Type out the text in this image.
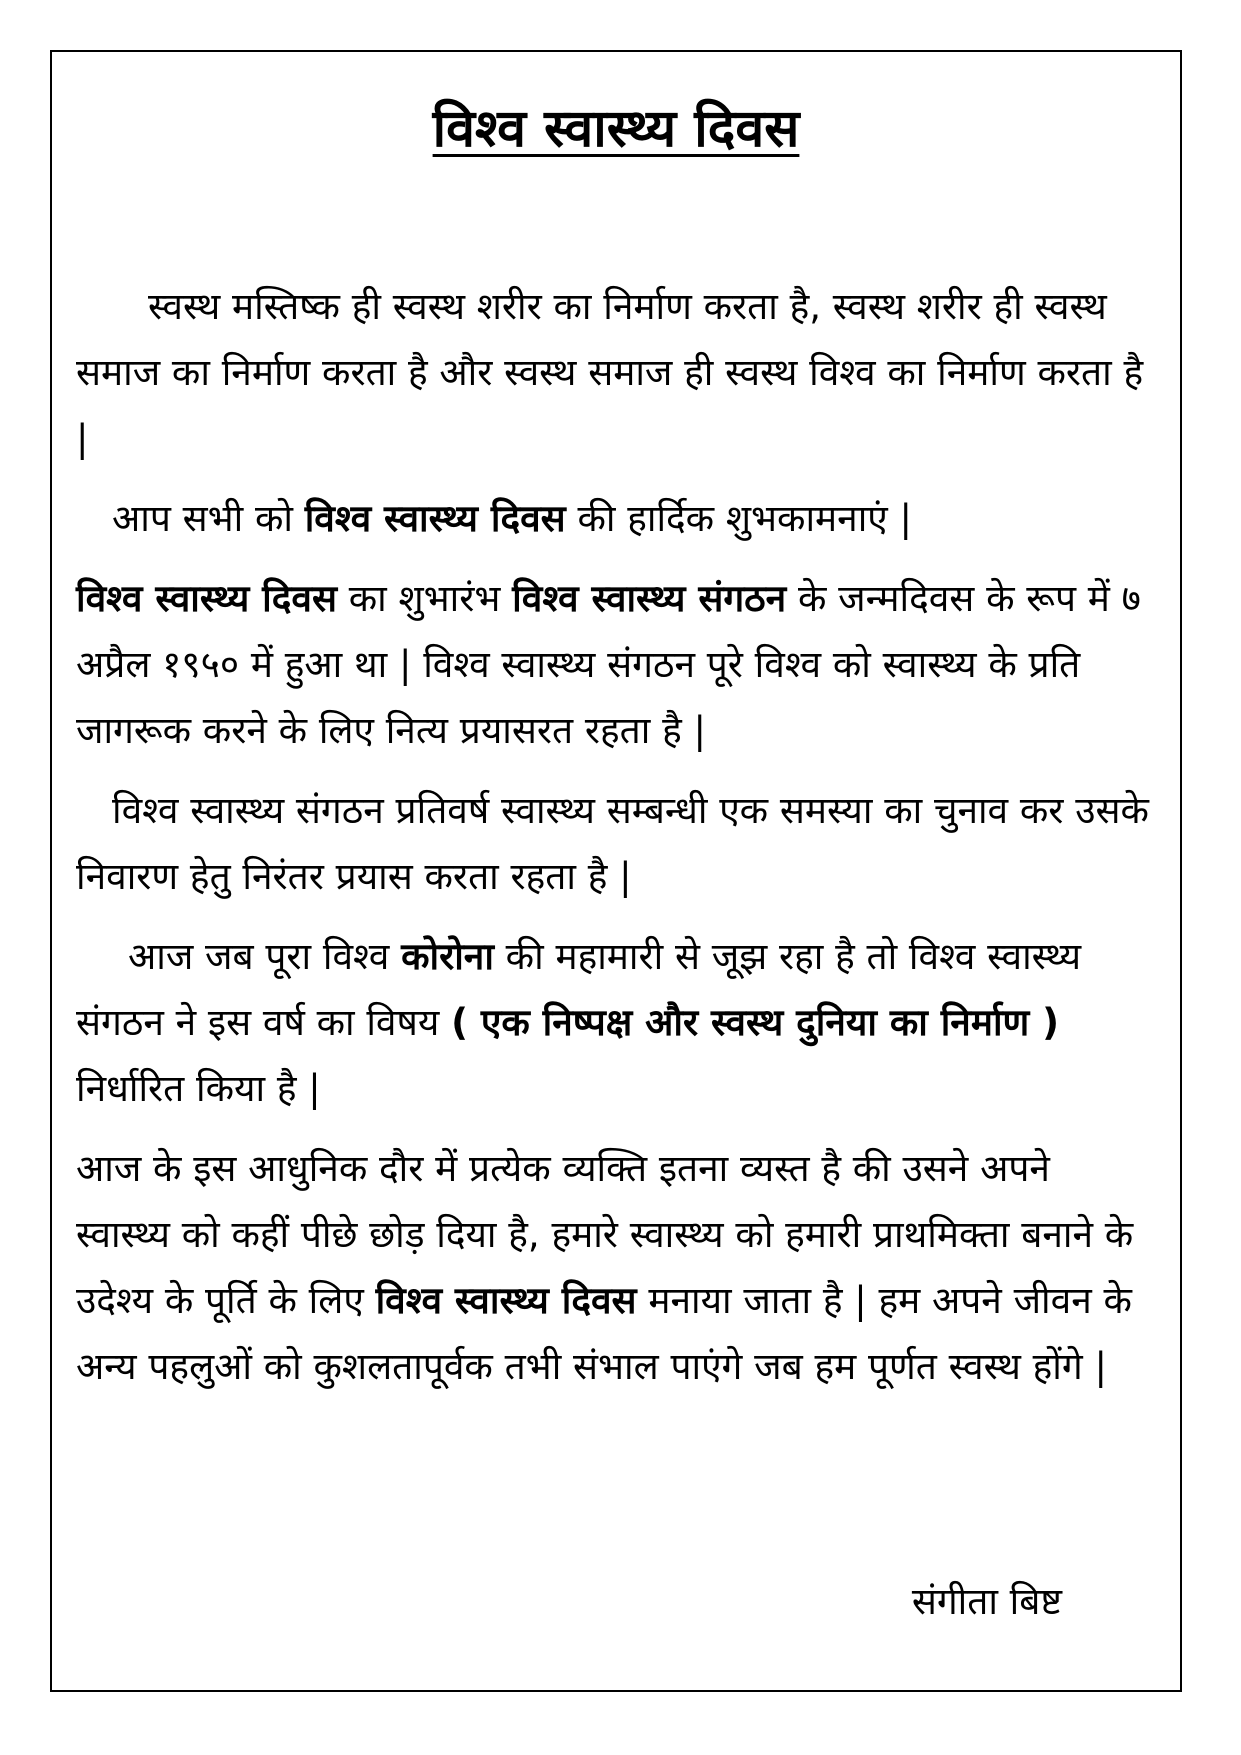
विश्व स्वास्थ्य दिवस

स्वस्थ मस्तिष्क ही स्वस्थ शरीर का निर्माण करता है, स्वस्थ शरीर ही स्वस्थ समाज का निर्माण करता है और स्वस्थ समाज ही स्वस्थ विश्व का निर्माण करता है |

आप सभी को विश्व स्वास्थ्य दिवस की हार्दिक शुभकामनाएं |

विश्व स्वास्थ्य दिवस का शुभारंभ विश्व स्वास्थ्य संगठन के जन्मदिवस के रूप में ७ अप्रैल १९५० में हुआ था | विश्व स्वास्थ्य संगठन पूरे विश्व को स्वास्थ्य के प्रति जागरूक करने के लिए नित्य प्रयासरत रहता है |

विश्व स्वास्थ्य संगठन प्रतिवर्ष स्वास्थ्य सम्बन्धी एक समस्या का चुनाव कर उसके निवारण हेतु निरंतर प्रयास करता रहता है |

आज जब पूरा विश्व कोरोना की महामारी से जूझ रहा है तो विश्व स्वास्थ्य संगठन ने इस वर्ष का विषय ( एक निष्पक्ष और स्वस्थ दुनिया का निर्माण ) निर्धारित किया है |

आज के इस आधुनिक दौर में प्रत्येक व्यक्ति इतना व्यस्त है की उसने अपने स्वास्थ्य को कहीं पीछे छोड़ दिया है, हमारे स्वास्थ्य को हमारी प्राथमिक्ता बनाने के उदेश्य के पूर्ति के लिए विश्व स्वास्थ्य दिवस मनाया जाता है | हम अपने जीवन के अन्य पहलुओं को कुशलतापूर्वक तभी संभाल पाएंगे जब हम पूर्णत स्वस्थ होंगे |

संगीता बिष्ट
